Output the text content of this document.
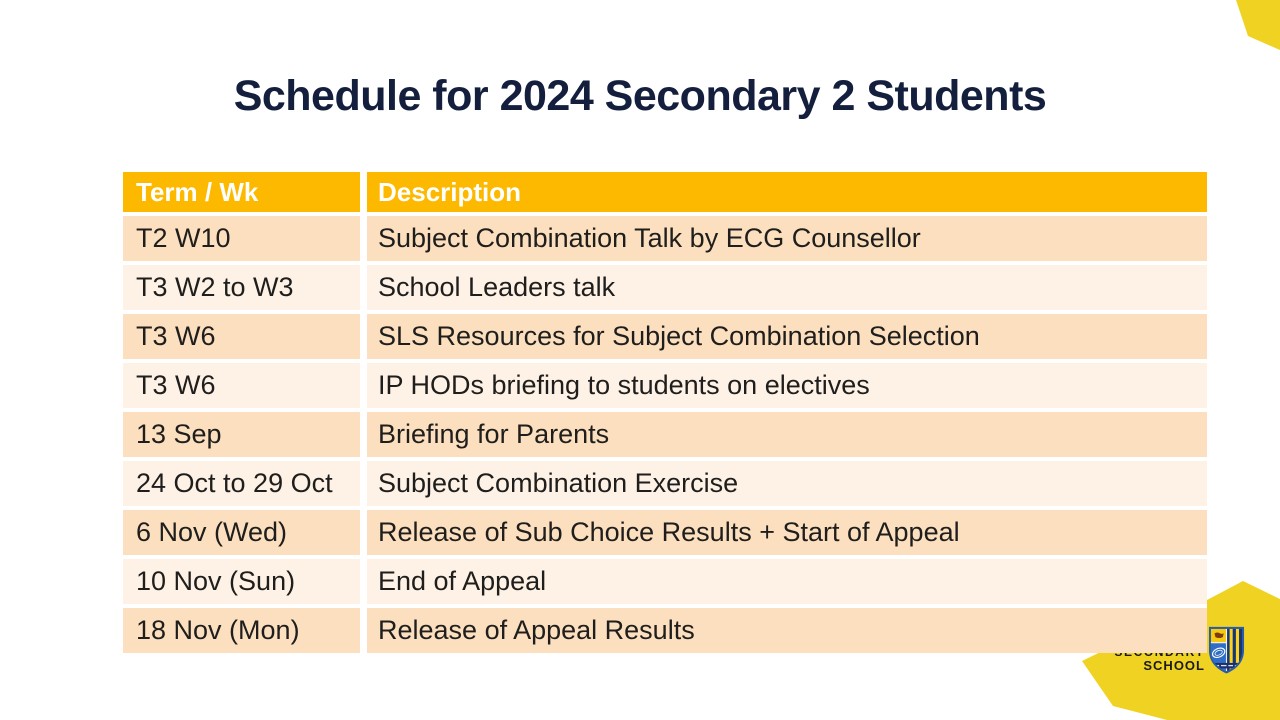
SCHOOL
Schedule for 2024 Secondary 2 Students
Term / Wk	Description
T2 W10	Subject Combination Talk by ECG Counsellor
T3 W2 to W3	School Leaders talk
T3 W6	SLS Resources for Subject Combination Selection
T3 W6	IP HODs briefing to students on electives
13 Sep	Briefing for Parents
24 Oct to 29 Oct	Subject Combination Exercise
6 Nov (Wed)	Release of Sub Choice Results + Start of Appeal
10 Nov (Sun)	End of Appeal
18 Nov (Mon)	Release of Appeal Results
